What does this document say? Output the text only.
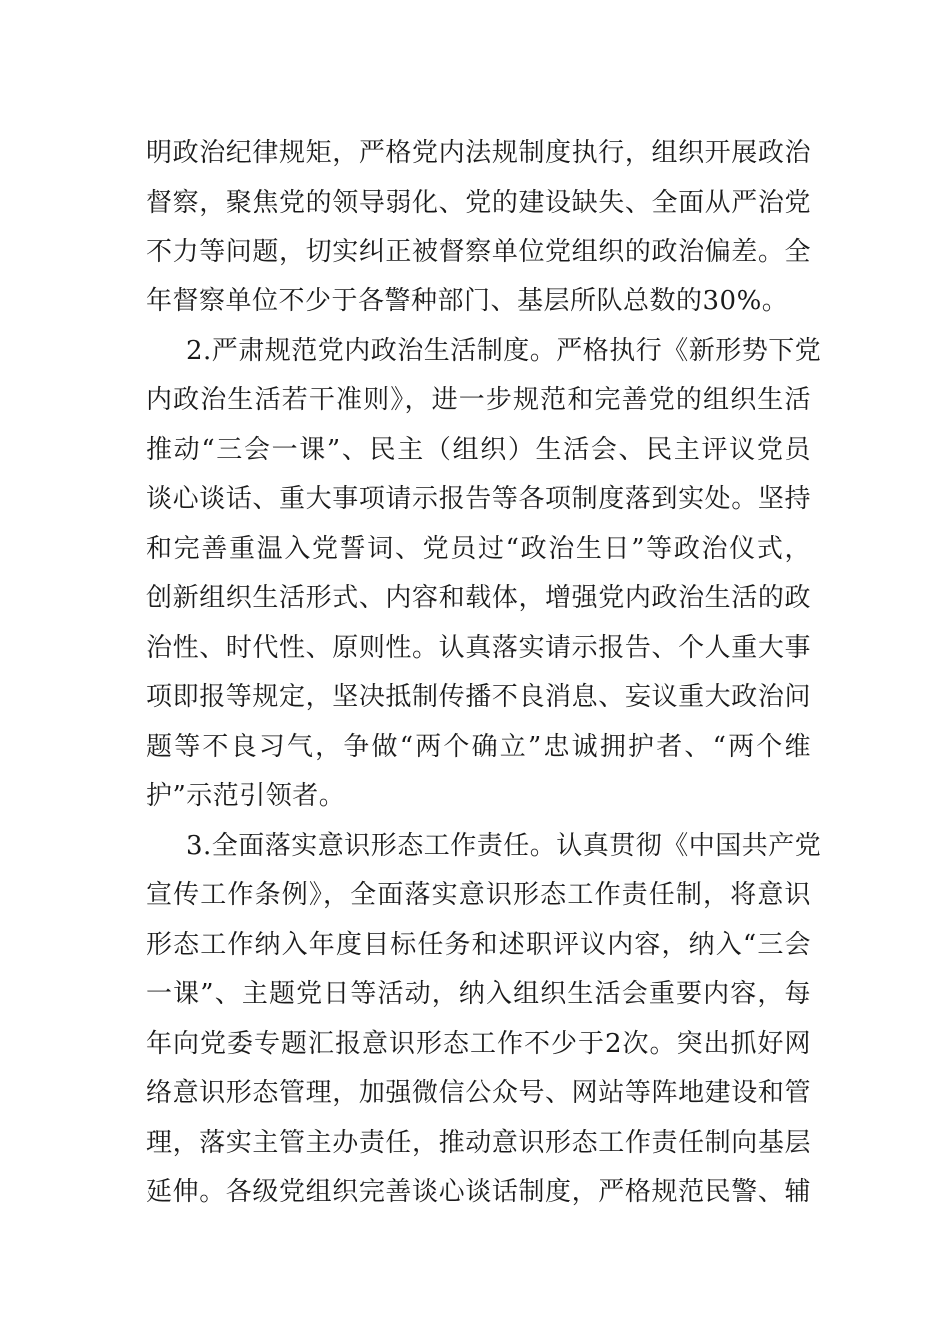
明政治纪律规矩，严格党内法规制度执行，组织开展政治
督察，聚焦党的领导弱化、党的建设缺失、全面从严治党
不力等问题，切实纠正被督察单位党组织的政治偏差。全
年督察单位不少于各警种部门、基层所队总数的30%。
2.严肃规范党内政治生活制度。严格执行《新形势下党
内政治生活若干准则》，进一步规范和完善党的组织生活
推动“三会一课”、民主（组织）生活会、民主评议党员
谈心谈话、重大事项请示报告等各项制度落到实处。坚持
和完善重温入党誓词、党员过“政治生日”等政治仪式，
创新组织生活形式、内容和载体，增强党内政治生活的政
治性、时代性、原则性。认真落实请示报告、个人重大事
项即报等规定，坚决抵制传播不良消息、妄议重大政治问
题等不良习气，争做“两个确立”忠诚拥护者、“两个维
护”示范引领者。
3.全面落实意识形态工作责任。认真贯彻《中国共产党
宣传工作条例》，全面落实意识形态工作责任制，将意识
形态工作纳入年度目标任务和述职评议内容，纳入“三会
一课”、主题党日等活动，纳入组织生活会重要内容，每
年向党委专题汇报意识形态工作不少于2次。突出抓好网
络意识形态管理，加强微信公众号、网站等阵地建设和管
理，落实主管主办责任，推动意识形态工作责任制向基层
延伸。各级党组织完善谈心谈话制度，严格规范民警、辅
